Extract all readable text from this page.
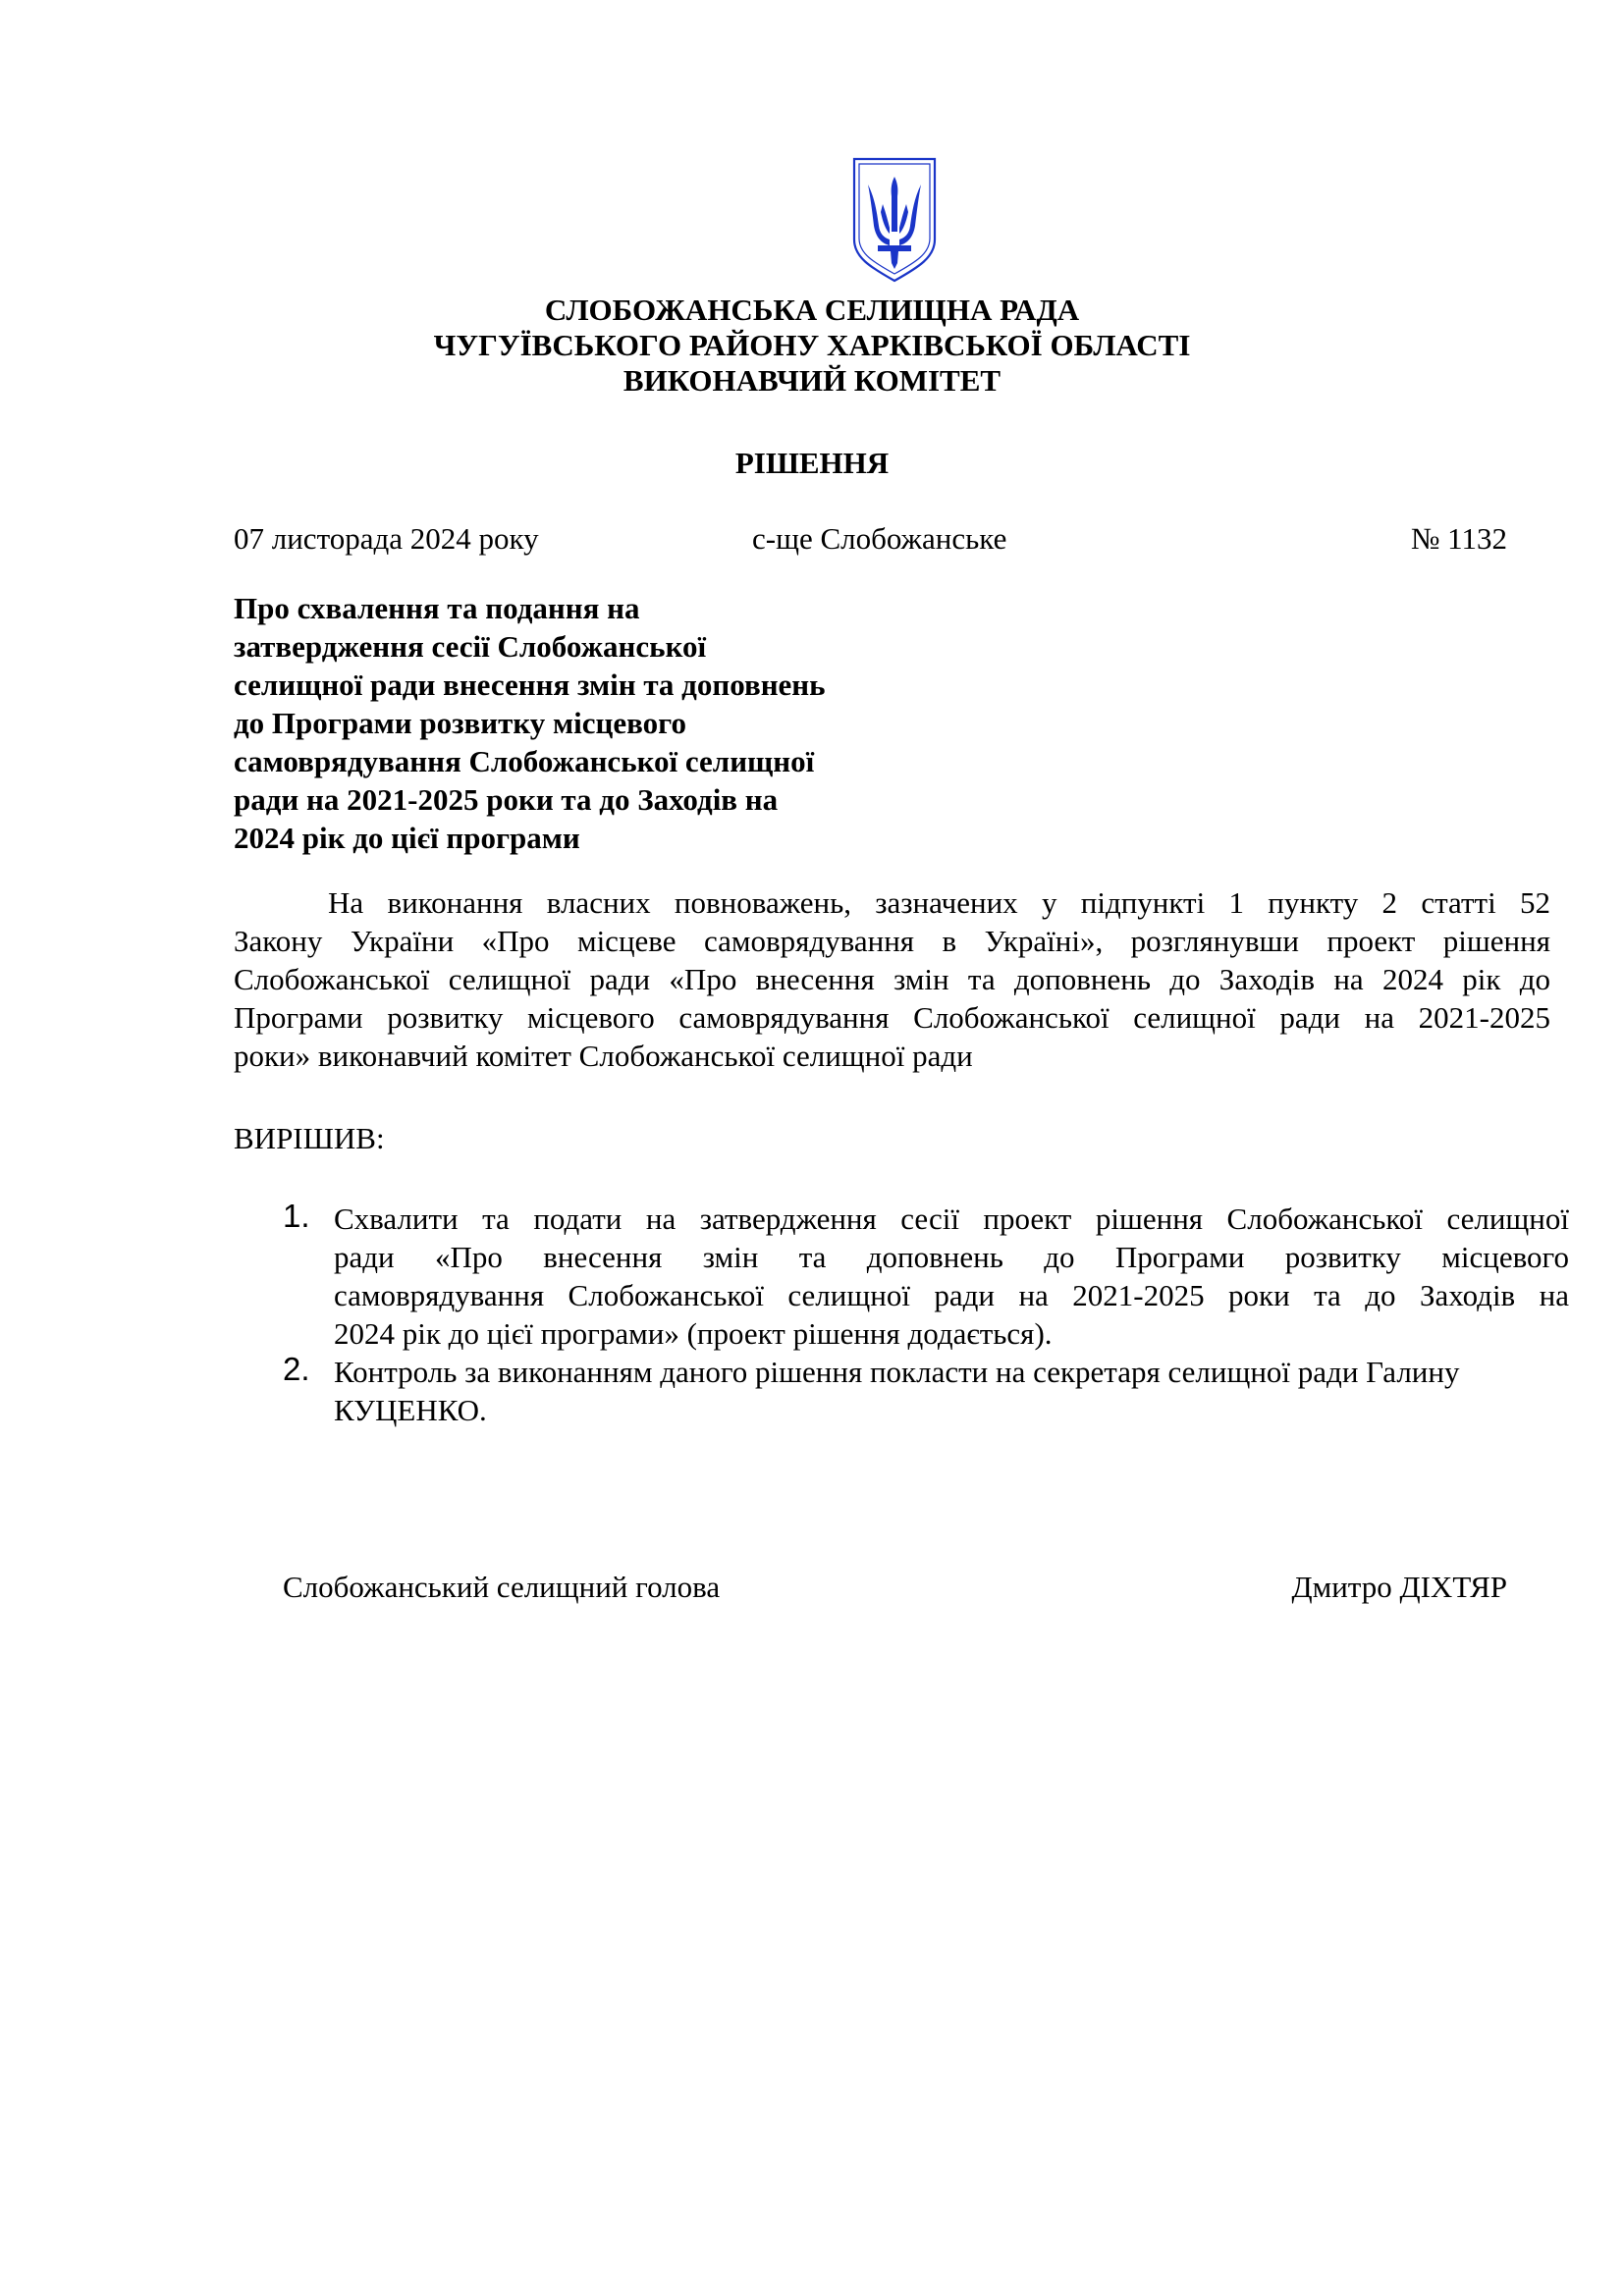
СЛОБОЖАНСЬКА СЕЛИЩНА РАДА
ЧУГУЇВСЬКОГО РАЙОНУ ХАРКІВСЬКОЇ ОБЛАСТІ
ВИКОНАВЧИЙ КОМІТЕТ
РІШЕННЯ
07 листорада 2024 року	с-ще Слобожанське	№ 1132
Про схвалення та подання на
затвердження сесії Слобожанської
селищної ради внесення змін та доповнень
до Програми розвитку місцевого
самоврядування Слобожанської селищної
ради на 2021-2025 роки та до Заходів на
2024 рік до цієї програми
На виконання власних повноважень, зазначених у підпункті 1 пункту 2 статті 52
Закону України «Про місцеве самоврядування в Україні», розглянувши проект рішення
Слобожанської селищної ради «Про внесення змін та доповнень до Заходів на 2024 рік до
Програми розвитку місцевого самоврядування Слобожанської селищної ради на 2021-2025
роки» виконавчий комітет Слобожанської селищної ради
ВИРІШИВ:
1. Схвалити та подати на затвердження сесії проект рішення Слобожанської селищної
ради «Про внесення змін та доповнень до Програми розвитку місцевого
самоврядування Слобожанської селищної ради на 2021-2025 роки та до Заходів на
2024 рік до цієї програми» (проект рішення додається).
2. Контроль за виконанням даного рішення покласти на секретаря селищної ради Галину
КУЦЕНКО.
Слобожанський селищний голова	Дмитро ДІХТЯР
